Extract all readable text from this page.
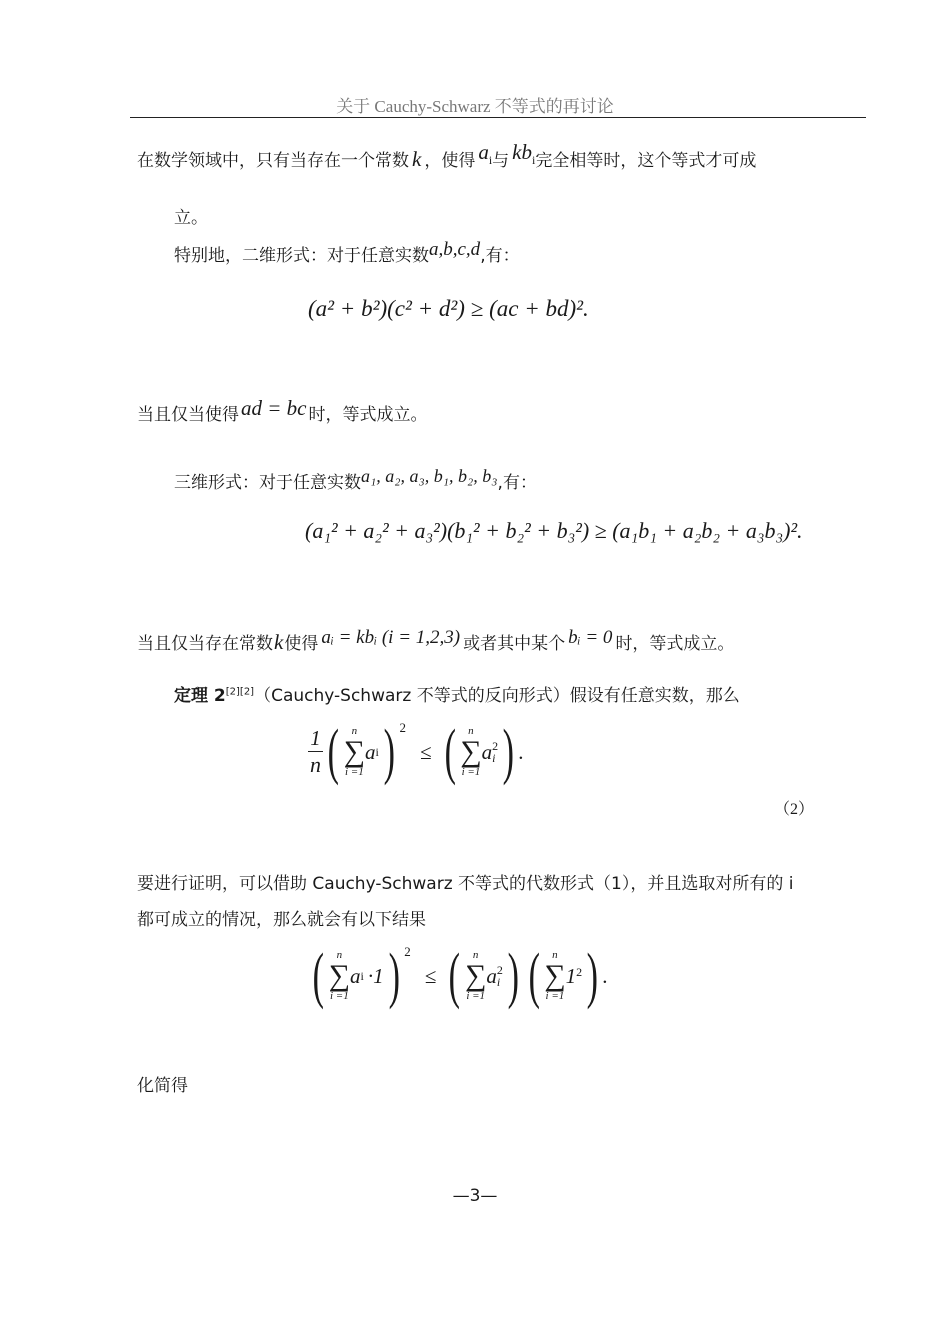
关于 Cauchy-Schwarz 不等式的再讨论
在数学领域中，只有当存在一个常数 k ，使得 $a_i$与 $kb_i$完全相等时，这个等式才可成
立。
特别地，二维形式：对于任意实数a,b,c,d,有：
(a² + b²)(c² + d²) ≥ (ac + bd)².
当且仅当使得ad = bc 时，等式成立。
三维形式：对于任意实数a₁, a₂, a₃, b₁, b₂, b₃,有：
(a₁² + a₂² + a₃²)(b₁² + b₂² + b₃²) ≥ (a₁b₁ + a₂b₂ + a₃b₃)².
当且仅当存在常数k使得 aᵢ = kbᵢ (i = 1,2,3) 或者其中某个 bᵢ = 0 时，等式成立。
定理 2[2][2]（Cauchy-Schwarz 不等式的反向形式）假设有任意实数，那么
$\frac{1}{n}$ (	n
∑
i =1
a i ) $^2$
≤ (	n
∑
i =1
a 2
i ) .
（2）
要进行证明，可以借助 Cauchy-Schwarz 不等式的代数形式（1），并且选取对所有的 i
都可成立的情况，那么就会有以下结果
(	n
∑
i =1
a i ·1 ) $^2$
≤ (	n
∑
i =1
a 2
i ) (	n
∑
i =1
$1^2$ ) .
化简得
—3—
